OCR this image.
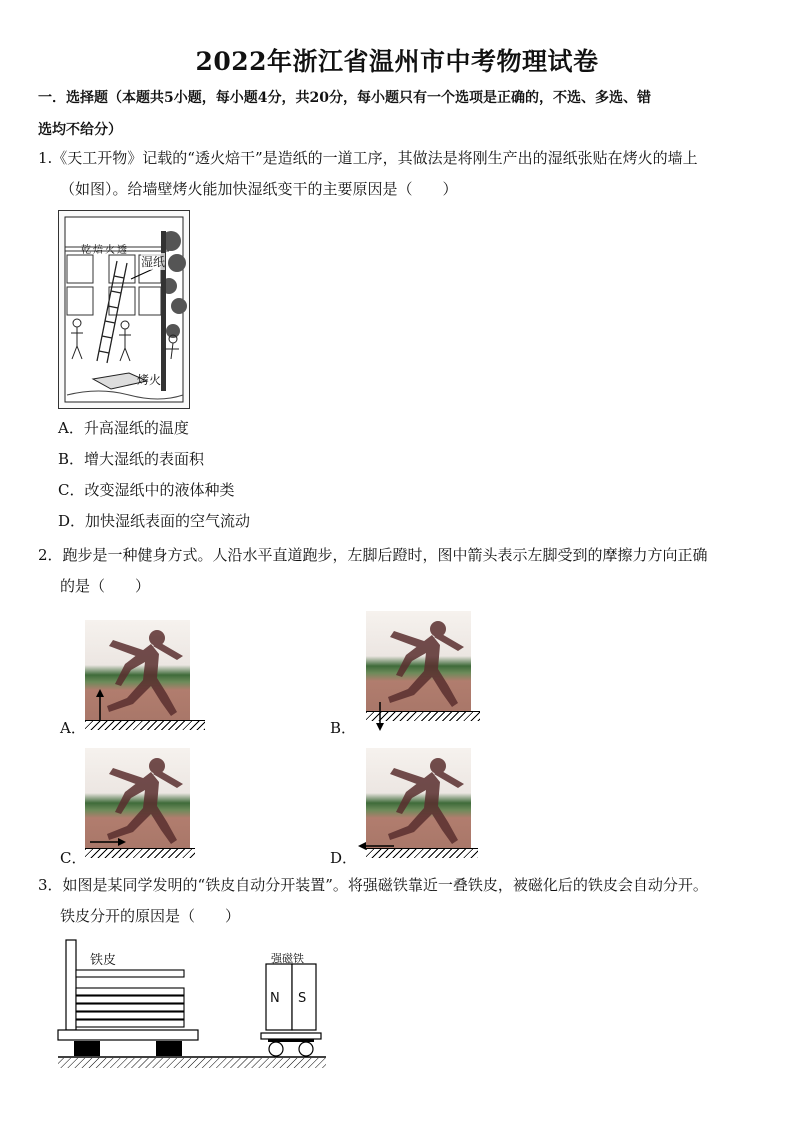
2022年浙江省温州市中考物理试卷
一．选择题（本题共5小题，每小题4分，共20分，每小题只有一个选项是正确的，不选、多选、错
选均不给分）
1.《天工开物》记载的“透火焙干”是造纸的一道工序，其做法是将刚生产出的湿纸张贴在烤火的墙上
（如图）。给墙壁烤火能加快湿纸变干的主要原因是（　　）
乾焙火透
湿纸
烤火
A．升高湿纸的温度
B．增大湿纸的表面积
C．改变湿纸中的液体种类
D．加快湿纸表面的空气流动
2．跑步是一种健身方式。人沿水平直道跑步，左脚后蹬时，图中箭头表示左脚受到的摩擦力方向正确
的是（　　）
A．	B．
C．	D．
3．如图是某同学发明的“铁皮自动分开装置”。将强磁铁靠近一叠铁皮，被磁化后的铁皮会自动分开。
铁皮分开的原因是（　　）
铁皮	强磁铁
N S
